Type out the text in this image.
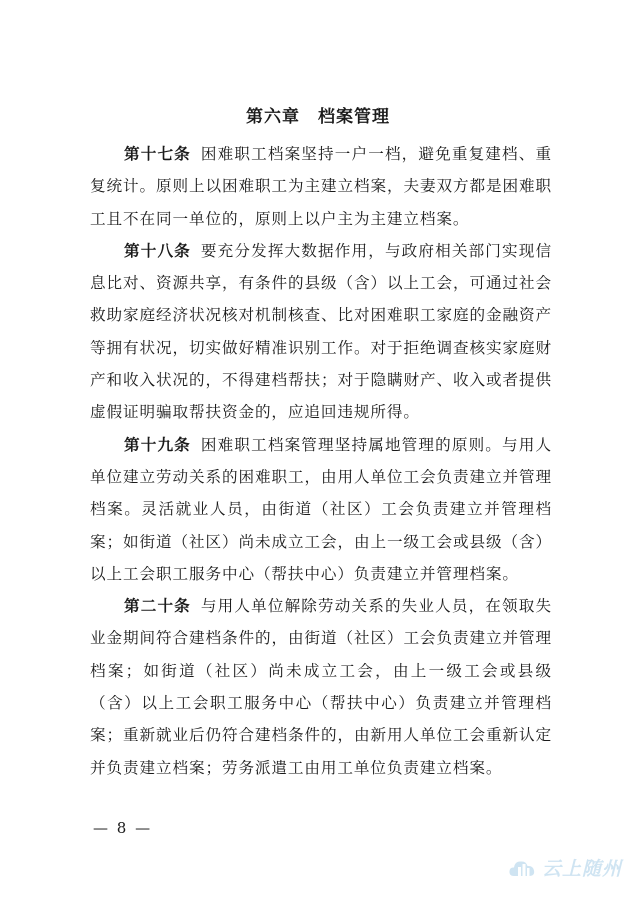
第六章　档案管理

第十七条 困难职工档案坚持一户一档，避免重复建档、重复统计。原则上以困难职工为主建立档案，夫妻双方都是困难职工且不在同一单位的，原则上以户主为主建立档案。

第十八条 要充分发挥大数据作用，与政府相关部门实现信息比对、资源共享，有条件的县级（含）以上工会，可通过社会救助家庭经济状况核对机制核查、比对困难职工家庭的金融资产等拥有状况，切实做好精准识别工作。对于拒绝调查核实家庭财产和收入状况的，不得建档帮扶；对于隐瞒财产、收入或者提供虚假证明骗取帮扶资金的，应追回违规所得。

第十九条 困难职工档案管理坚持属地管理的原则。与用人单位建立劳动关系的困难职工，由用人单位工会负责建立并管理档案。灵活就业人员，由街道（社区）工会负责建立并管理档案；如街道（社区）尚未成立工会，由上一级工会或县级（含）以上工会职工服务中心（帮扶中心）负责建立并管理档案。

第二十条 与用人单位解除劳动关系的失业人员，在领取失业金期间符合建档条件的，由街道（社区）工会负责建立并管理档案；如街道（社区）尚未成立工会，由上一级工会或县级（含）以上工会职工服务中心（帮扶中心）负责建立并管理档案；重新就业后仍符合建档条件的，由新用人单位工会重新认定并负责建立档案；劳务派遣工由用工单位负责建立档案。

— 8 —
云上随州
